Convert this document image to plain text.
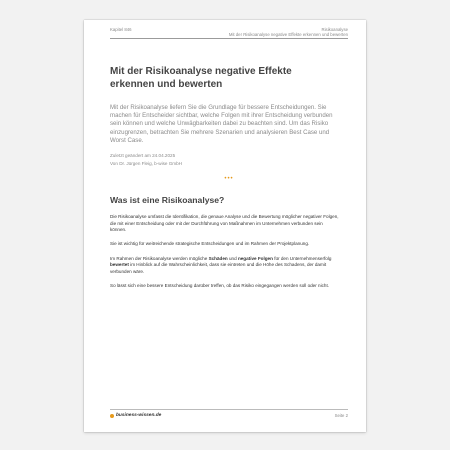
Kapitel 846	Risikoanalyse
Mit der Risikoanalyse negative Effekte erkennen und bewerten
Mit der Risikoanalyse negative Effekte erkennen und bewerten
Mit der Risikoanalyse liefern Sie die Grundlage für bessere Entscheidungen. Sie machen für Entscheider sichtbar, welche Folgen mit ihrer Entscheidung verbunden sein können und welche Unwägbarkeiten dabei zu beachten sind. Um das Risiko einzugrenzen, betrachten Sie mehrere Szenarien und analysieren Best Case und Worst Case.
Zuletzt geändert am 24.04.2025
Von Dr. Jürgen Fleig, b-wise GmbH
•••
Was ist eine Risikoanalyse?
Die Risikoanalyse umfasst die Identifikation, die genaue Analyse und die Bewertung möglicher negativer Folgen, die mit einer Entscheidung oder mit der Durchführung von Maßnahmen im Unternehmen verbunden sein können.
Sie ist wichtig für weitreichende strategische Entscheidungen und im Rahmen der Projektplanung.
Im Rahmen der Risikoanalyse werden mögliche Schäden und negative Folgen für den Unternehmenserfolg bewertet im Hinblick auf die Wahrscheinlichkeit, dass sie eintreten und die Höhe des Schadens, der damit verbunden wäre.
So lässt sich eine bessere Entscheidung darüber treffen, ob das Risiko eingegangen werden soll oder nicht.
business-wissen.de	Seite 2
